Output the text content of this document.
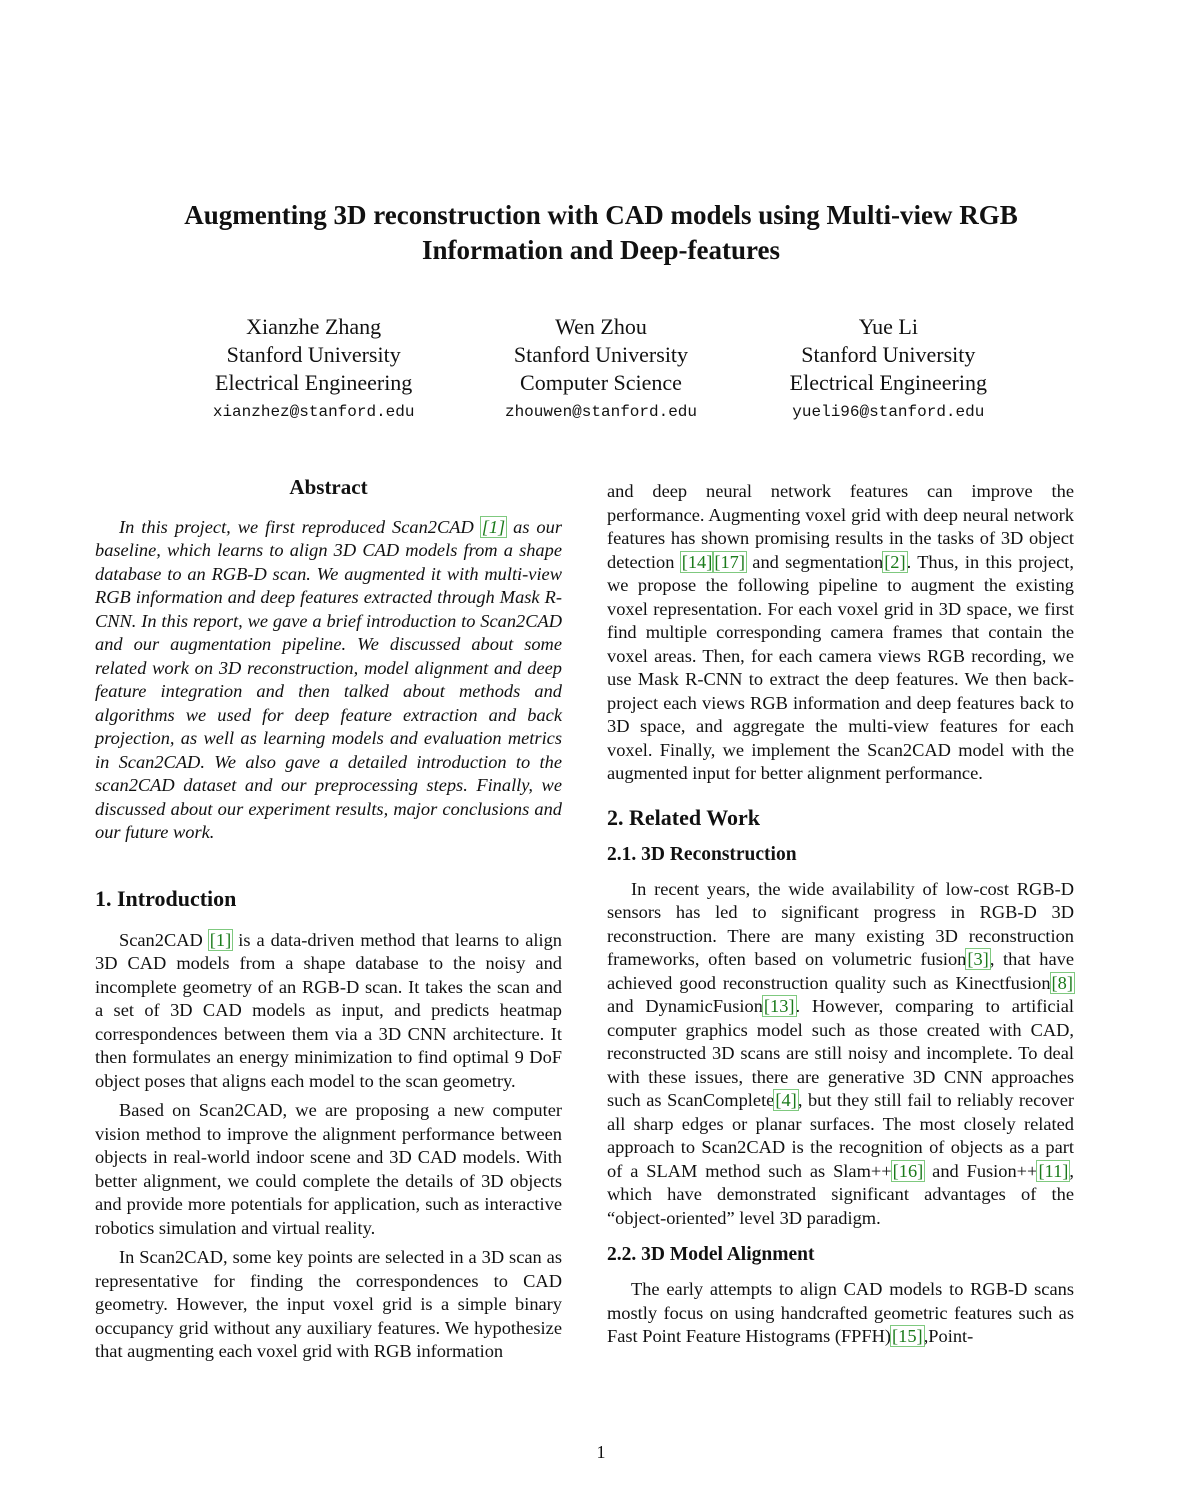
Augmenting 3D reconstruction with CAD models using Multi-view RGB
Information and Deep-features
Xianzhe Zhang
Stanford University
Electrical Engineering
xianzhez@stanford.edu
Wen Zhou
Stanford University
Computer Science
zhouwen@stanford.edu
Yue Li
Stanford University
Electrical Engineering
yueli96@stanford.edu
Abstract

In this project, we first reproduced Scan2CAD [1] as our baseline, which learns to align 3D CAD models from a shape database to an RGB-D scan. We augmented it with multi-view RGB information and deep features extracted through Mask R-CNN. In this report, we gave a brief introduction to Scan2CAD and our augmentation pipeline. We discussed about some related work on 3D reconstruction, model alignment and deep feature integration and then talked about methods and algorithms we used for deep feature extraction and back projection, as well as learning models and evaluation metrics in Scan2CAD. We also gave a detailed introduction to the scan2CAD dataset and our preprocessing steps. Finally, we discussed about our experiment results, major conclusions and our future work.

1. Introduction

Scan2CAD [1] is a data-driven method that learns to align 3D CAD models from a shape database to the noisy and incomplete geometry of an RGB-D scan. It takes the scan and a set of 3D CAD models as input, and predicts heatmap correspondences between them via a 3D CNN architecture. It then formulates an energy minimization to find optimal 9 DoF object poses that aligns each model to the scan geometry.

Based on Scan2CAD, we are proposing a new computer vision method to improve the alignment performance between objects in real-world indoor scene and 3D CAD models. With better alignment, we could complete the details of 3D objects and provide more potentials for application, such as interactive robotics simulation and virtual reality.

In Scan2CAD, some key points are selected in a 3D scan as representative for finding the correspondences to CAD geometry. However, the input voxel grid is a simple binary occupancy grid without any auxiliary features. We hypothesize that augmenting each voxel grid with RGB information

and deep neural network features can improve the performance. Augmenting voxel grid with deep neural network features has shown promising results in the tasks of 3D object detection [14] [17] and segmentation[2]. Thus, in this project, we propose the following pipeline to augment the existing voxel representation. For each voxel grid in 3D space, we first find multiple corresponding camera frames that contain the voxel areas. Then, for each camera views RGB recording, we use Mask R-CNN to extract the deep features. We then back-project each views RGB information and deep features back to 3D space, and aggregate the multi-view features for each voxel. Finally, we implement the Scan2CAD model with the augmented input for better alignment performance.

2. Related Work
2.1. 3D Reconstruction

In recent years, the wide availability of low-cost RGB-D sensors has led to significant progress in RGB-D 3D reconstruction. There are many existing 3D reconstruction frameworks, often based on volumetric fusion[3], that have achieved good reconstruction quality such as Kinectfusion[8] and DynamicFusion[13]. However, comparing to artificial computer graphics model such as those created with CAD, reconstructed 3D scans are still noisy and incomplete. To deal with these issues, there are generative 3D CNN approaches such as ScanComplete[4], but they still fail to reliably recover all sharp edges or planar surfaces. The most closely related approach to Scan2CAD is the recognition of objects as a part of a SLAM method such as Slam++[16] and Fusion++[11], which have demonstrated significant advantages of the “object-oriented” level 3D paradigm.

2.2. 3D Model Alignment

The early attempts to align CAD models to RGB-D scans mostly focus on using handcrafted geometric features such as Fast Point Feature Histograms (FPFH)[15],Point-

1
